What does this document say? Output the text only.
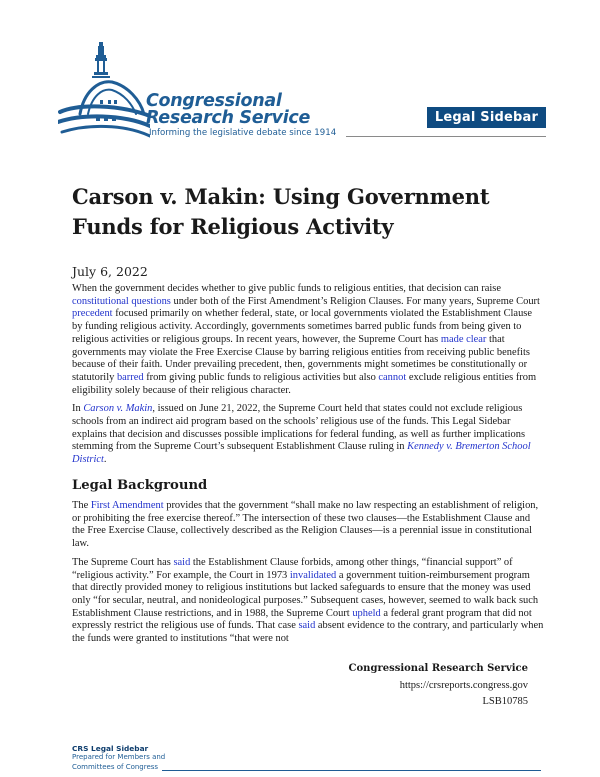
Congressional
Research Service
Informing the legislative debate since 1914
Legal Sidebar
Carson v. Makin: Using Government Funds for Religious Activity
July 6, 2022

When the government decides whether to give public funds to religious entities, that decision can raise constitutional questions under both of the First Amendment’s Religion Clauses. For many years, Supreme Court precedent focused primarily on whether federal, state, or local governments violated the Establishment Clause by funding religious activity. Accordingly, governments sometimes barred public funds from being given to religious activities or religious groups. In recent years, however, the Supreme Court has made clear that governments may violate the Free Exercise Clause by barring religious entities from receiving public benefits because of their faith. Under prevailing precedent, then, governments might sometimes be constitutionally or statutorily barred from giving public funds to religious activities but also cannot exclude religious entities from eligibility solely because of their religious character.

In Carson v. Makin, issued on June 21, 2022, the Supreme Court held that states could not exclude religious schools from an indirect aid program based on the schools’ religious use of the funds. This Legal Sidebar explains that decision and discusses possible implications for federal funding, as well as further implications stemming from the Supreme Court’s subsequent Establishment Clause ruling in Kennedy v. Bremerton School District.

Legal Background

The First Amendment provides that the government “shall make no law respecting an establishment of religion, or prohibiting the free exercise thereof.” The intersection of these two clauses—the Establishment Clause and the Free Exercise Clause, collectively described as the Religion Clauses—is a perennial issue in constitutional law.

The Supreme Court has said the Establishment Clause forbids, among other things, “financial support” of “religious activity.” For example, the Court in 1973 invalidated a government tuition-reimbursement program that directly provided money to religious institutions but lacked safeguards to ensure that the money was used only “for secular, neutral, and nonideological purposes.” Subsequent cases, however, seemed to walk back such Establishment Clause restrictions, and in 1988, the Supreme Court upheld a federal grant program that did not expressly restrict the religious use of funds. That case said absent evidence to the contrary, and particularly when the funds were granted to institutions “that were not

Congressional Research Service
https://crsreports.congress.gov
LSB10785
CRS Legal Sidebar
Prepared for Members and
Committees of Congress
